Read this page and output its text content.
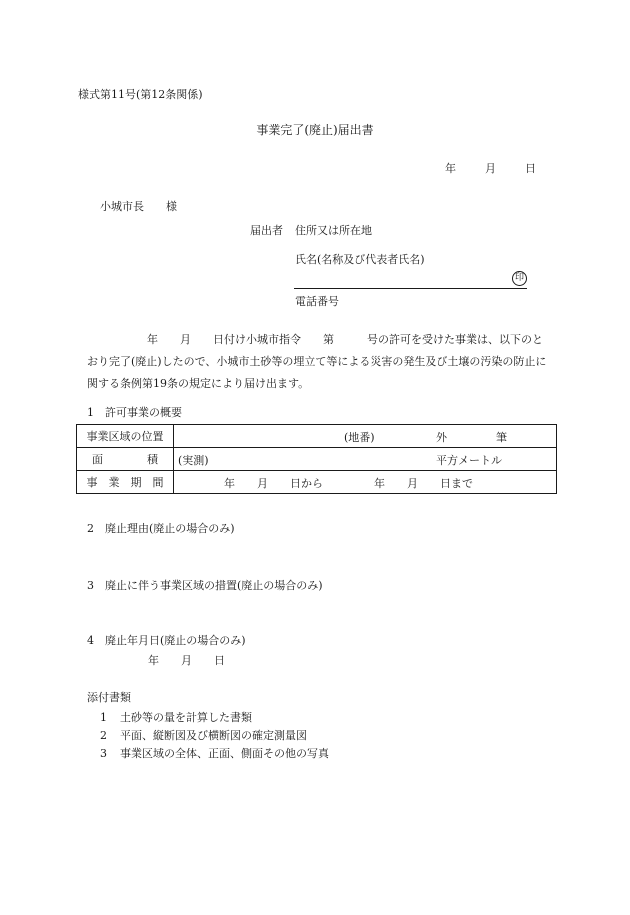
様式第11号(第12条関係)
事業完了(廃止)届出書
年	月	日
小城市長　　様
届出者 住所又は所在地
氏名(名称及び代表者氏名)
印
電話番号
年　　月　　日付け小城市指令　　第　　　号の許可を受けた事業は、以下のとおり完了(廃止)したので、小城市土砂等の埋立て等による災害の発生及び土壌の汚染の防止に関する条例第19条の規定により届け出ます。
1　許可事業の概要
事業区域の位置	(地番) 外 筆

面　　　　積	(実測) 平方メートル

事　業　期　間	年　　月　　日から 年　　月　　日まで
2　廃止理由(廃止の場合のみ)
3　廃止に伴う事業区域の措置(廃止の場合のみ)
4　廃止年月日(廃止の場合のみ)
年　　月　　日
添付書類
1 土砂等の量を計算した書類
2 平面、縦断図及び横断図の確定測量図
3 事業区域の全体、正面、側面その他の写真
